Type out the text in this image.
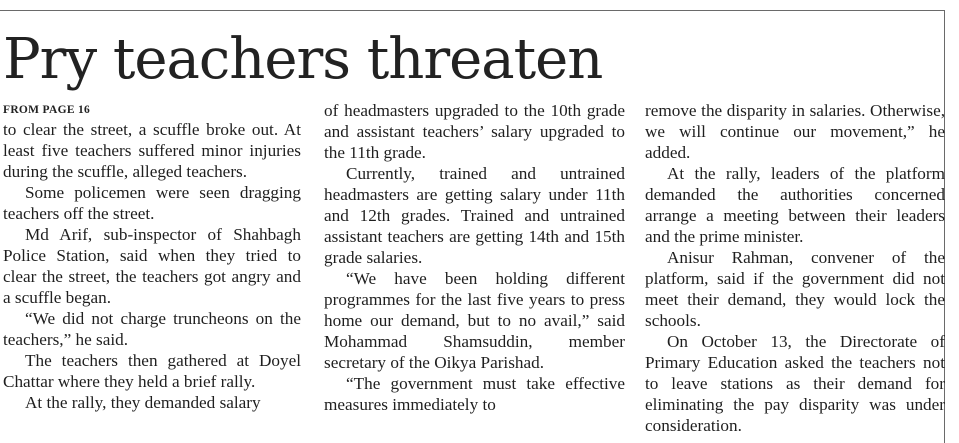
Pry teachers threaten
FROM PAGE 16

to clear the street, a scuffle broke out. At least five teachers suffered minor injuries during the scuffle, alleged teachers.

Some policemen were seen dragging teachers off the street.

Md Arif, sub-inspector of Shahbagh Police Station, said when they tried to clear the street, the teachers got angry and a scuffle began.

“We did not charge truncheons on the teachers,” he said.

The teachers then gathered at Doyel Chattar where they held a brief rally.

At the rally, they demanded salary

of headmasters upgraded to the 10th grade and assistant teachers’ salary upgraded to the 11th grade.

Currently, trained and untrained headmasters are getting salary under 11th and 12th grades. Trained and untrained assistant teachers are getting 14th and 15th grade salaries.

“We have been holding different programmes for the last five years to press home our demand, but to no avail,” said Mohammad Shamsuddin, member secretary of the Oikya Parishad.

“The government must take effective measures immediately to

remove the disparity in salaries. Otherwise, we will continue our movement,” he added.

At the rally, leaders of the platform demanded the authorities concerned arrange a meeting between their leaders and the prime minister.

Anisur Rahman, convener of the platform, said if the government did not meet their demand, they would lock the schools.

On October 13, the Directorate of Primary Education asked the teachers not to leave stations as their demand for eliminating the pay disparity was under consideration.
